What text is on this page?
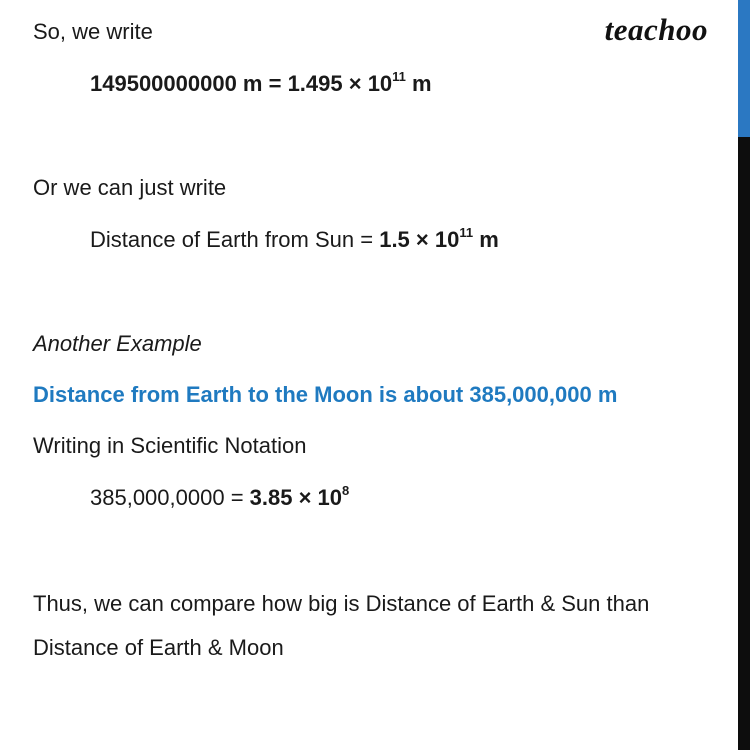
teachoo
So, we write
149500000000 $m = 1.495 \times 10^{11}$ m
Or we can just write
Distance of Earth from Sun = $1.5 \times 10^{11}$ m
Another Example
Distance from Earth to the Moon is about 385,000,000 m
Writing in Scientific Notation
$385,000,0000 = 3.85 \times 10^8$
Thus, we can compare how big is Distance of Earth & Sun than
Distance of Earth & Moon
